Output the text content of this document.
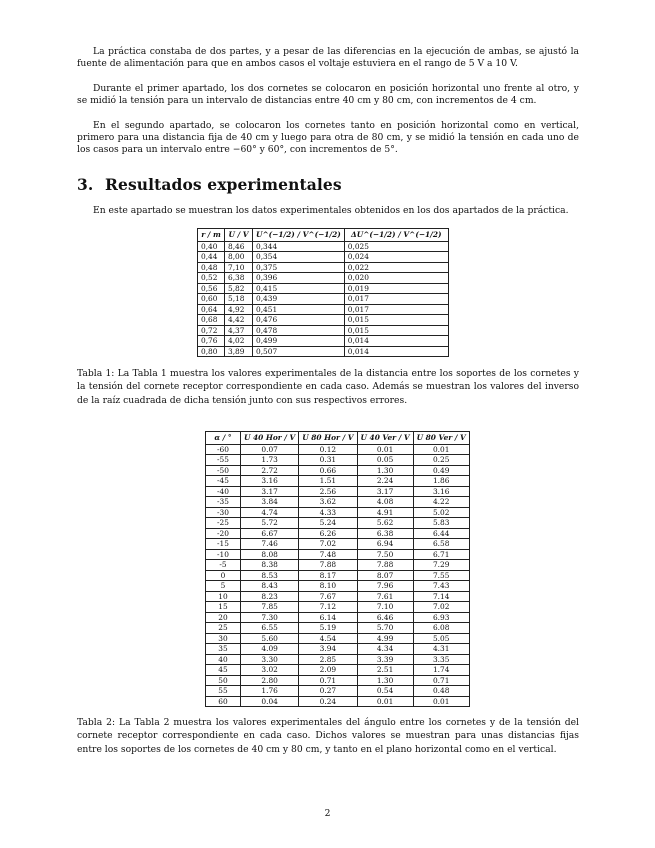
La práctica constaba de dos partes, y a pesar de las diferencias en la ejecución de ambas, se ajustó la fuente de alimentación para que en ambos casos el voltaje estuviera en el rango de 5 V a 10 V.

Durante el primer apartado, los dos cornetes se colocaron en posición horizontal uno frente al otro, y se midió la tensión para un intervalo de distancias entre 40 cm y 80 cm, con incrementos de 4 cm.

En el segundo apartado, se colocaron los cornetes tanto en posición horizontal como en vertical, primero para una distancia fija de 40 cm y luego para otra de 80 cm, y se midió la tensión en cada uno de los casos para un intervalo entre −60° y 60°, con incrementos de 5°.

3. Resultados experimentales

En este apartado se muestran los datos experimentales obtenidos en los dos apartados de la práctica.

r / m	U / V	U^(−1/2) / V^(−1/2)	ΔU^(−1/2) / V^(−1/2)
0,40	8,46	0,344	0,025
0,44	8,00	0,354	0,024
0,48	7,10	0,375	0,022
0,52	6,38	0,396	0,020
0,56	5,82	0,415	0,019
0,60	5,18	0,439	0,017
0,64	4,92	0,451	0,017
0,68	4,42	0,476	0,015
0,72	4,37	0,478	0,015
0,76	4,02	0,499	0,014
0,80	3,89	0,507	0,014

Tabla 1: La Tabla 1 muestra los valores experimentales de la distancia entre los soportes de los cornetes y la tensión del cornete receptor correspondiente en cada caso. Además se muestran los valores del inverso de la raíz cuadrada de dicha tensión junto con sus respectivos errores.

α / °	U 40 Hor / V	U 80 Hor / V	U 40 Ver / V	U 80 Ver / V
-60	0.07	0.12	0.01	0.01
-55	1.73	0.31	0.05	0.25
-50	2.72	0.66	1.30	0.49
-45	3.16	1.51	2.24	1.86
-40	3.17	2.56	3.17	3.16
-35	3.84	3.62	4.08	4.22
-30	4.74	4.33	4.91	5.02
-25	5.72	5.24	5.62	5.83
-20	6.67	6.26	6.38	6.44
-15	7.46	7.02	6.94	6.58
-10	8.08	7.48	7.50	6.71
-5	8.38	7.88	7.88	7.29
0	8.53	8.17	8.07	7.55
5	8.43	8.10	7.96	7.43
10	8.23	7.67	7.61	7.14
15	7.85	7.12	7.10	7.02
20	7.30	6.14	6.46	6.93
25	6.55	5.19	5.70	6.08
30	5.60	4.54	4.99	5.05
35	4.09	3.94	4.34	4.31
40	3.30	2.85	3.39	3.35
45	3.02	2.09	2.51	1.74
50	2.80	0.71	1.30	0.71
55	1.76	0.27	0.54	0.48
60	0.04	0.24	0.01	0.01

Tabla 2: La Tabla 2 muestra los valores experimentales del ángulo entre los cornetes y de la tensión del cornete receptor correspondiente en cada caso. Dichos valores se muestran para unas distancias fijas entre los soportes de los cornetes de 40 cm y 80 cm, y tanto en el plano horizontal como en el vertical.

2
